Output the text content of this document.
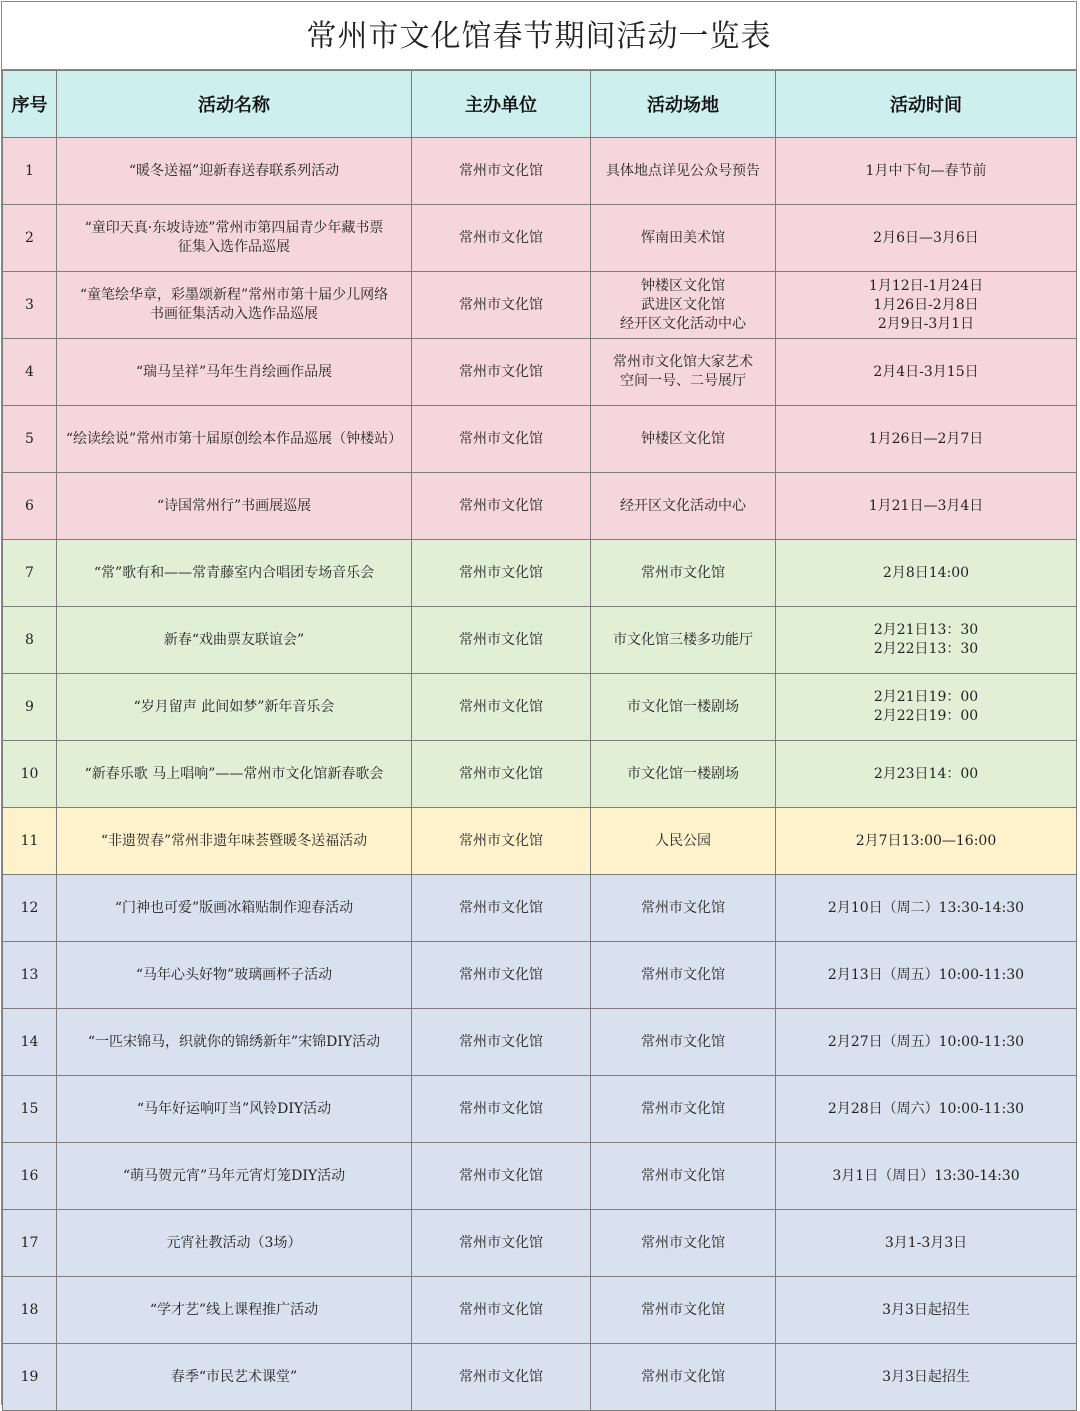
常州市文化馆春节期间活动一览表
序号	活动名称	主办单位	活动场地	活动时间
1	“暖冬送福”迎新春送春联系列活动	常州市文化馆	具体地点详见公众号预告	1月中下旬—春节前

2	“童印天真·东坡诗迹”常州市第四届青少年藏书票
征集入选作品巡展	常州市文化馆	恽南田美术馆	2月6日—3月6日

3	“童笔绘华章，彩墨颂新程”常州市第十届少儿网络
书画征集活动入选作品巡展	常州市文化馆	钟楼区文化馆
武进区文化馆
经开区文化活动中心	1月12日-1月24日
1月26日-2月8日
2月9日-3月1日

4	“瑞马呈祥”马年生肖绘画作品展	常州市文化馆	常州市文化馆大家艺术
空间一号、二号展厅	2月4日-3月15日

5	“绘读绘说”常州市第十届原创绘本作品巡展（钟楼站）	常州市文化馆	钟楼区文化馆	1月26日—2月7日

6	“诗国常州行”书画展巡展	常州市文化馆	经开区文化活动中心	1月21日—3月4日

7	“常”歌有和——常青藤室内合唱团专场音乐会	常州市文化馆	常州市文化馆	2月8日14:00

8	新春“戏曲票友联谊会”	常州市文化馆	市文化馆三楼多功能厅	2月21日13：30
2月22日13：30

9	“岁月留声 此间如梦”新年音乐会	常州市文化馆	市文化馆一楼剧场	2月21日19：00
2月22日19：00

10	“新春乐歌 马上唱响”——常州市文化馆新春歌会	常州市文化馆	市文化馆一楼剧场	2月23日14：00

11	“非遗贺春”常州非遗年味荟暨暖冬送福活动	常州市文化馆	人民公园	2月7日13:00—16:00

12	“门神也可爱”版画冰箱贴制作迎春活动	常州市文化馆	常州市文化馆	2月10日（周二）13:30-14:30

13	“马年心头好物”玻璃画杯子活动	常州市文化馆	常州市文化馆	2月13日（周五）10:00-11:30

14	“一匹宋锦马，织就你的锦绣新年”宋锦DIY活动	常州市文化馆	常州市文化馆	2月27日（周五）10:00-11:30

15	“马年好运响叮当”风铃DIY活动	常州市文化馆	常州市文化馆	2月28日（周六）10:00-11:30

16	“萌马贺元宵”马年元宵灯笼DIY活动	常州市文化馆	常州市文化馆	3月1日（周日）13:30-14:30

17	元宵社教活动（3场）	常州市文化馆	常州市文化馆	3月1-3月3日

18	“学才艺”线上课程推广活动	常州市文化馆	常州市文化馆	3月3日起招生

19	春季“市民艺术课堂”	常州市文化馆	常州市文化馆	3月3日起招生
